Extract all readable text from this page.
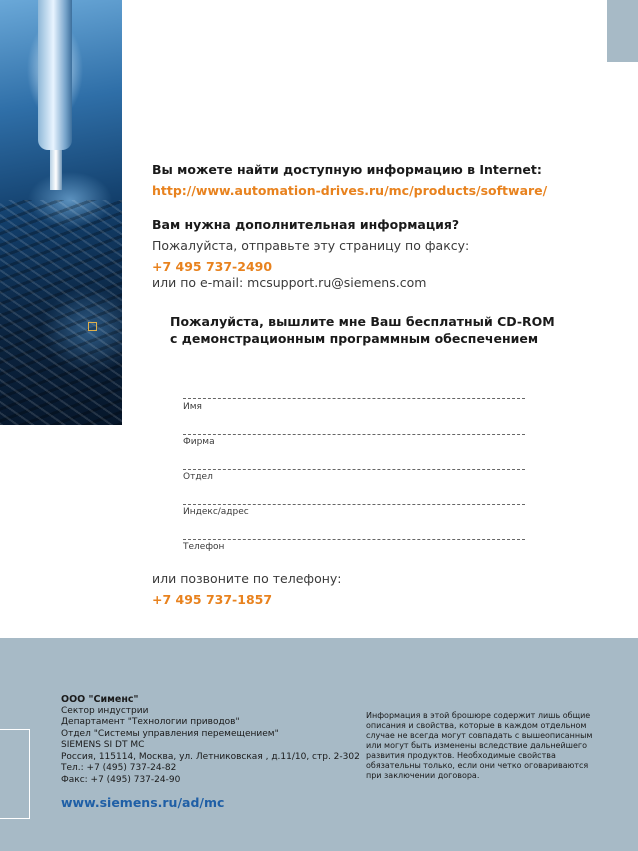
Вы можете найти доступную информацию в Internet:
http://www.automation-drives.ru/mc/products/software/
Вам нужна дополнительная информация?
Пожалуйста, отправьте эту страницу по факсу:
+7 495 737-2490
или по e-mail: mcsupport.ru@siemens.com
Пожалуйста, вышлите мне Ваш бесплатный CD-ROM
с демонстрационным программным обеспечением
Имя
Фирма
Отдел
Индекс/адрес
Телефон
или позвоните по телефону:
+7 495 737-1857
ООО "Сименс"
Сектор индустрии
Департамент "Технологии приводов"
Отдел "Системы управления перемещением"
SIEMENS SI DT MC
Россия, 115114, Москва, ул. Летниковская , д.11/10, стр. 2-302
Тел.: +7 (495) 737-24-82
Факс: +7 (495) 737-24-90
Информация в этой брошюре содержит лишь общие
описания и свойства, которые в каждом отдельном
случае не всегда могут совпадать с вышеописанным
или могут быть изменены вследствие дальнейшего
развития продуктов. Необходимые свойства
обязательны только, если они четко оговариваются
при заключении договора.
www.siemens.ru/ad/mc
